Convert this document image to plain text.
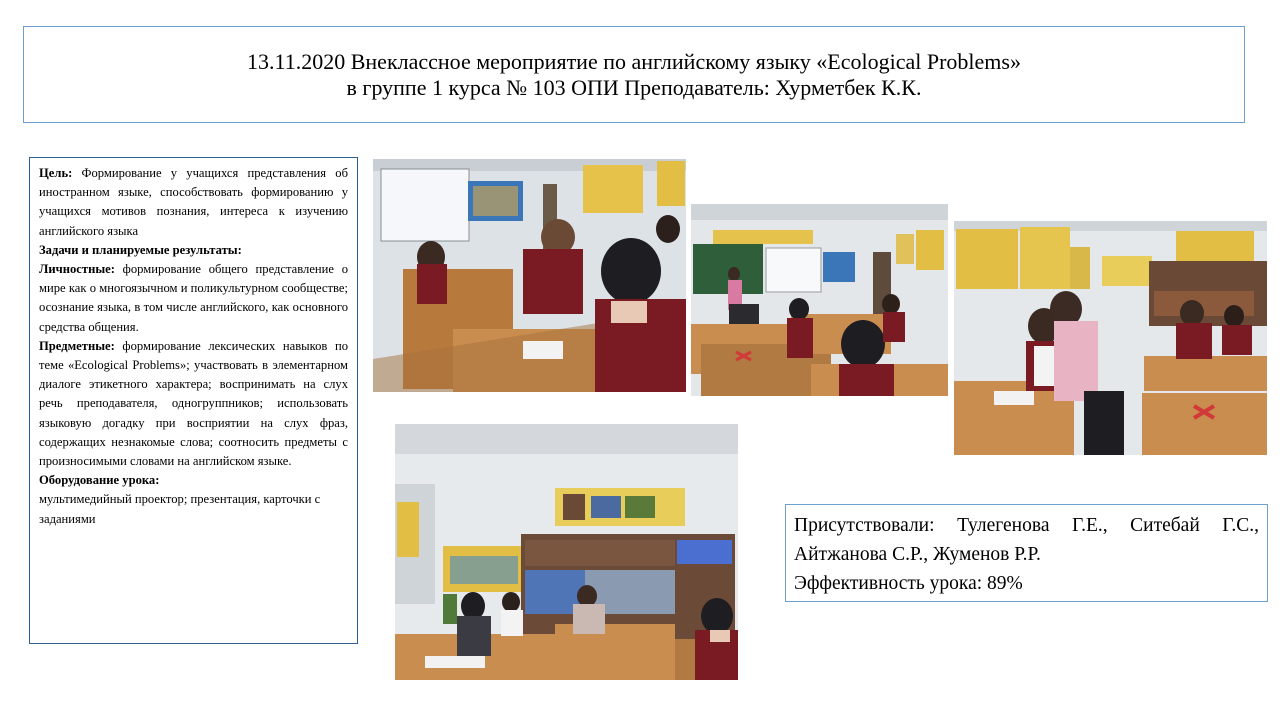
13.11.2020 Внеклассное мероприятие по английскому языку «Ecological Problems»
в группе 1 курса № 103 ОПИ Преподаватель: Хурметбек К.К.

Цель: Формирование у учащихся представления об иностранном языке, способствовать формированию у учащихся мотивов познания, интереса к изучению английского языка

Задачи и планируемые результаты:

Личностные: формирование общего представление о мире как о многоязычном и поликультурном сообществе; осознание языка, в том числе английского, как основного средства общения.

Предметные: формирование лексических навыков по теме «Ecological Problems»; участвовать в элементарном диалоге этикетного характера; воспринимать на слух речь преподавателя, одногруппников; использовать языковую догадку при восприятии на слух фраз, содержащих незнакомые слова; соотносить предметы с произносимыми словами на английском языке.

Оборудование урока:

мультимедийный проектор; презентация, карточки с заданиями	Присутствовали: Тулегенова Г.Е., Ситебай Г.С., Айтжанова С.Р., Жуменов Р.Р.
Эффективность урока: 89%
